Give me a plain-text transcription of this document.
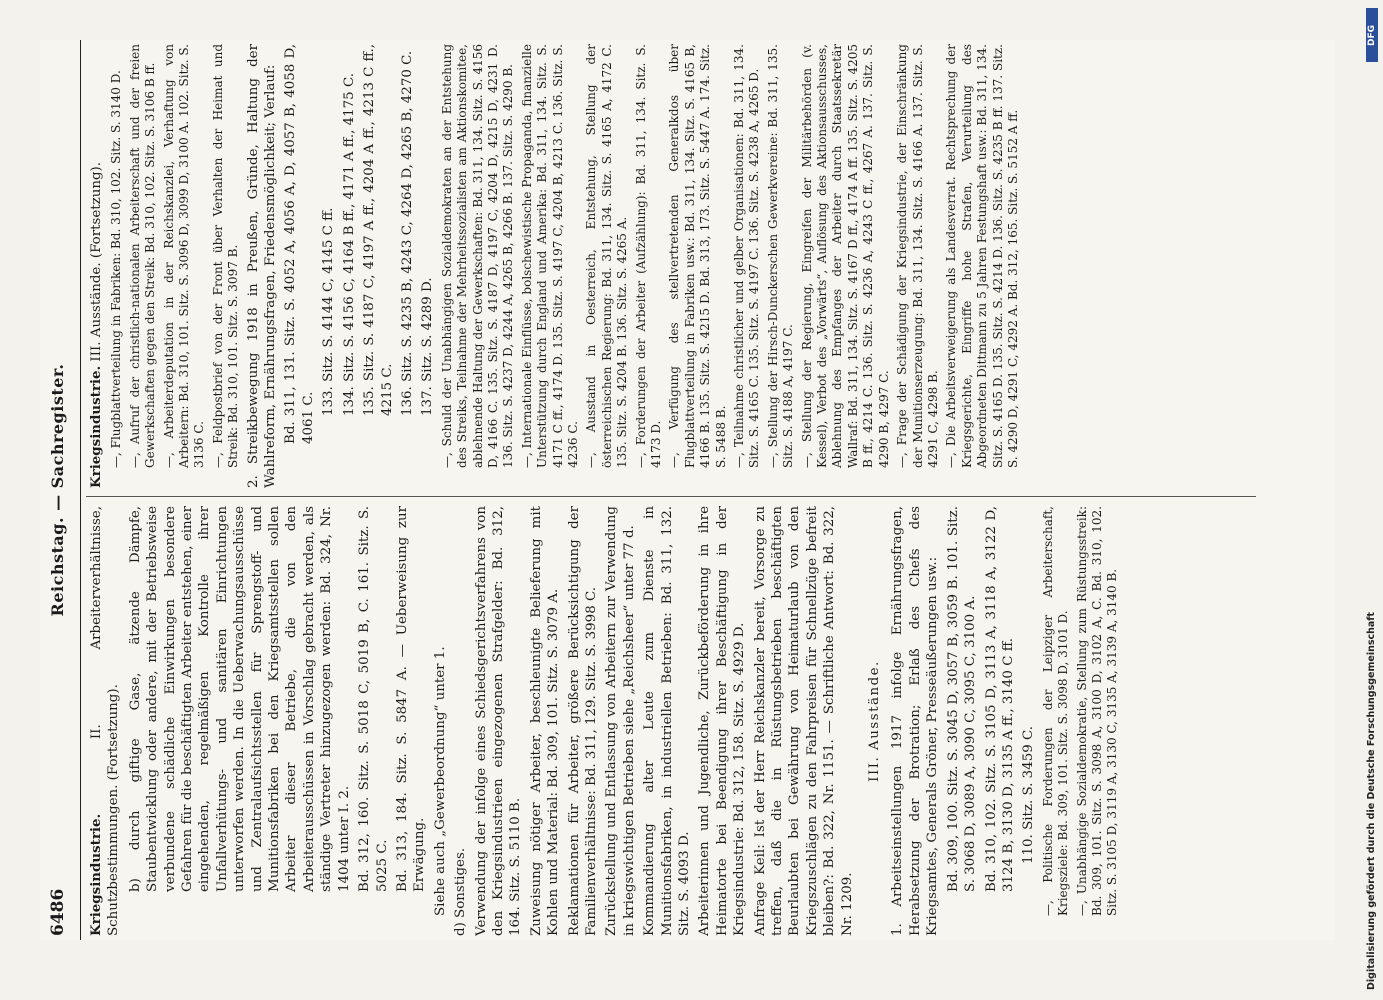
6486
Reichstag. — Sachregister.

Kriegsindustrie. II. Arbeiterverhältnisse, Schutzbestimmungen. (Fortsetzung). b) durch giftige Gase, ätzende Dämpfe, Staubentwicklung oder andere, mit der Betriebsweise verbundene schädliche Einwirkungen besondere Gefahren für die beschäftigten Arbeiter entstehen, einer eingehenden, regelmäßigen Kontrolle ihrer Unfallverhütungs- und sanitären Einrichtungen unterworfen werden. In die Ueberwachungsausschüsse und Zentralaufsichtsstellen für Sprengstoff- und Munitionsfabriken bei den Kriegsamtsstellen sollen Arbeiter dieser Betriebe, die von den Arbeiterausschüssen in Vorschlag gebracht werden, als ständige Vertreter hinzugezogen werden: Bd. 324, Nr. 1404 unter I. 2. Bd. 312, 160. Sitz. S. 5018 C, 5019 B, C. 161. Sitz. S. 5025 C. Bd. 313, 184. Sitz. S. 5847 A. — Ueberweisung zur Erwägung. Siehe auch „Gewerbeordnung“ unter 1. d) Sonstiges. Verwendung der infolge eines Schiedsgerichtsverfahrens von den Kriegsindustrieen eingezogenen Strafgelder: Bd. 312, 164. Sitz. S. 5110 B. Zuweisung nötiger Arbeiter, beschleunigte Belieferung mit Kohlen und Material: Bd. 309, 101. Sitz. S. 3079 A. Reklamationen für Arbeiter, größere Berücksichtigung der Familienverhältnisse: Bd. 311, 129. Sitz. S. 3998 C. Zurückstellung und Entlassung von Arbeitern zur Verwendung in kriegswichtigen Betrieben siehe „Reichsheer“ unter 77 d. Kommandierung alter Leute zum Dienste in Munitionsfabriken, in industriellen Betrieben: Bd. 311, 132. Sitz. S. 4093 D. Arbeiterinnen und Jugendliche, Zurückbeförderung in ihre Heimatorte bei Beendigung ihrer Beschäftigung in der Kriegsindustrie: Bd. 312, 158. Sitz. S. 4929 D. Anfrage Keil: Ist der Herr Reichskanzler bereit, Vorsorge zu treffen, daß die in Rüstungsbetrieben beschäftigten Beurlaubten bei Gewährung von Heimaturlaub von den Kriegszuschlägen zu den Fahrpreisen für Schnellzüge befreit bleiben?: Bd. 322, Nr. 1151. — Schriftliche Antwort: Bd. 322, Nr. 1209.

III. Ausstände. 1. Arbeitseinstellungen 1917 infolge Ernährungsfragen, Herabsetzung der Brotration; Erlaß des Chefs des Kriegsamtes, Generals Gröner, Presseäußerungen usw.: Bd. 309, 100. Sitz. S. 3045 D, 3057 B, 3059 B. 101. Sitz. S. 3068 D, 3089 A, 3090 C, 3095 C, 3100 A. Bd. 310, 102. Sitz. S. 3105 D, 3113 A, 3118 A, 3122 D, 3124 B, 3130 D, 3135 A ff., 3140 C ff. 110. Sitz. S. 3459 C. —, Politische Forderungen der Leipziger Arbeiterschaft, Kriegsziele: Bd. 309, 101. Sitz. S. 3098 D, 3101 D. —, Unabhängige Sozialdemokratie, Stellung zum Rüstungsstreik: Bd. 309, 101. Sitz. S. 3098 A, 3100 D, 3102 A, C. Bd. 310, 102. Sitz. S. 3105 D, 3119 A, 3130 C, 3135 A, 3139 A, 3140 B.

Kriegsindustrie. III. Ausstände. (Fortsetzung). —, Flugblattverteilung in Fabriken: Bd. 310, 102. Sitz. S. 3140 D. —, Aufruf der christlich-nationalen Arbeiterschaft und der freien Gewerkschaften gegen den Streik: Bd. 310, 102. Sitz. S. 3106 B ff. —, Arbeiterdeputation in der Reichskanzlei, Verhaftung von Arbeitern: Bd. 310, 101. Sitz. S. 3096 D, 3099 D, 3100 A. 102. Sitz. S. 3136 C. —, Feldpostbrief von der Front über Verhalten der Heimat und Streik: Bd. 310, 101. Sitz. S. 3097 B. 2. Streikbewegung 1918 in Preußen, Gründe, Haltung der Wahlreform, Ernährungsfragen, Friedensmöglichkeit; Verlauf: Bd. 311, 131. Sitz. S. 4052 A, 4056 A, D, 4057 B, 4058 D, 4061 C.

133. Sitz. S. 4144 C, 4145 C ff. 134. Sitz. S. 4156 C, 4164 B ff., 4171 A ff., 4175 C. 135. Sitz. S. 4187 C, 4197 A ff., 4204 A ff., 4213 C ff., 4215 C. 136. Sitz. S. 4235 B, 4243 C, 4264 D, 4265 B, 4270 C. 137. Sitz. S. 4289 D. —, Schuld der Unabhängigen Sozialdemokraten an der Entstehung des Streiks, Teilnahme der Mehrheitssozialisten am Aktionskomitee, ablehnende Haltung der Gewerkschaften: Bd. 311, 134. Sitz. S. 4156 D, 4166 C. 135. Sitz. S. 4187 D, 4197 C, 4204 D, 4215 D, 4231 D. 136. Sitz. S. 4237 D, 4244 A, 4265 B, 4266 B. 137. Sitz. S. 4290 B. —, Internationale Einflüsse, bolschewistische Propaganda, finanzielle Unterstützung durch England und Amerika: Bd. 311, 134. Sitz. S. 4171 C ff., 4174 D. 135. Sitz. S. 4197 C, 4204 B, 4213 C. 136. Sitz. S. 4236 C. —, Ausstand in Oesterreich, Entstehung, Stellung der österreichischen Regierung: Bd. 311, 134. Sitz. S. 4165 A, 4172 C. 135. Sitz. S. 4204 B. 136. Sitz. S. 4265 A. —, Forderungen der Arbeiter (Aufzählung): Bd. 311, 134. Sitz. S. 4173 D. —, Verfügung des stellvertretenden Generalkdos über Flugblattverteilung in Fabriken usw.: Bd. 311, 134. Sitz. S. 4165 B, 4166 B. 135. Sitz. S. 4215 D. Bd. 313, 173. Sitz. S. 5447 A. 174. Sitz. S. 5488 B. —, Teilnahme christlicher und gelber Organisationen: Bd. 311, 134. Sitz. S. 4165 C. 135. Sitz. S. 4197 C. 136. Sitz. S. 4238 A, 4265 D. —, Stellung der Hirsch-Dunckerschen Gewerkvereine: Bd. 311, 135. Sitz. S. 4188 A, 4197 C. —, Stellung der Regierung, Eingreifen der Militärbehörden (v. Kessel), Verbot des „Vorwärts“, Auflösung des Aktionsausschusses, Ablehnung des Empfanges der Arbeiter durch Staatssekretär Wallraf: Bd. 311, 134. Sitz. S. 4167 D ff., 4174 A ff. 135. Sitz. S. 4205 B ff., 4214 C. 136. Sitz. S. 4236 A, 4243 C ff., 4267 A. 137. Sitz. S. 4290 B, 4297 C. —, Frage der Schädigung der Kriegsindustrie, der Einschränkung der Munitionserzeugung: Bd. 311, 134. Sitz. S. 4166 A. 137. Sitz. S. 4291 C, 4298 B. —, Die Arbeitsverweigerung als Landesverrat. Rechtsprechung der Kriegsgerichte, Eingriffe hohe Strafen, Verurteilung des Abgeordneten Dittmann zu 5 Jahren Festungshaft usw.: Bd. 311, 134. Sitz. S. 4165 D. 135. Sitz. S. 4214 D. 136. Sitz. S. 4235 B ff. 137. Sitz. S. 4290 D, 4291 C, 4292 A. Bd. 312, 165. Sitz. S. 5152 A ff.

DFG
Digitalisierung gefördert durch die Deutsche Forschungsgemeinschaft
